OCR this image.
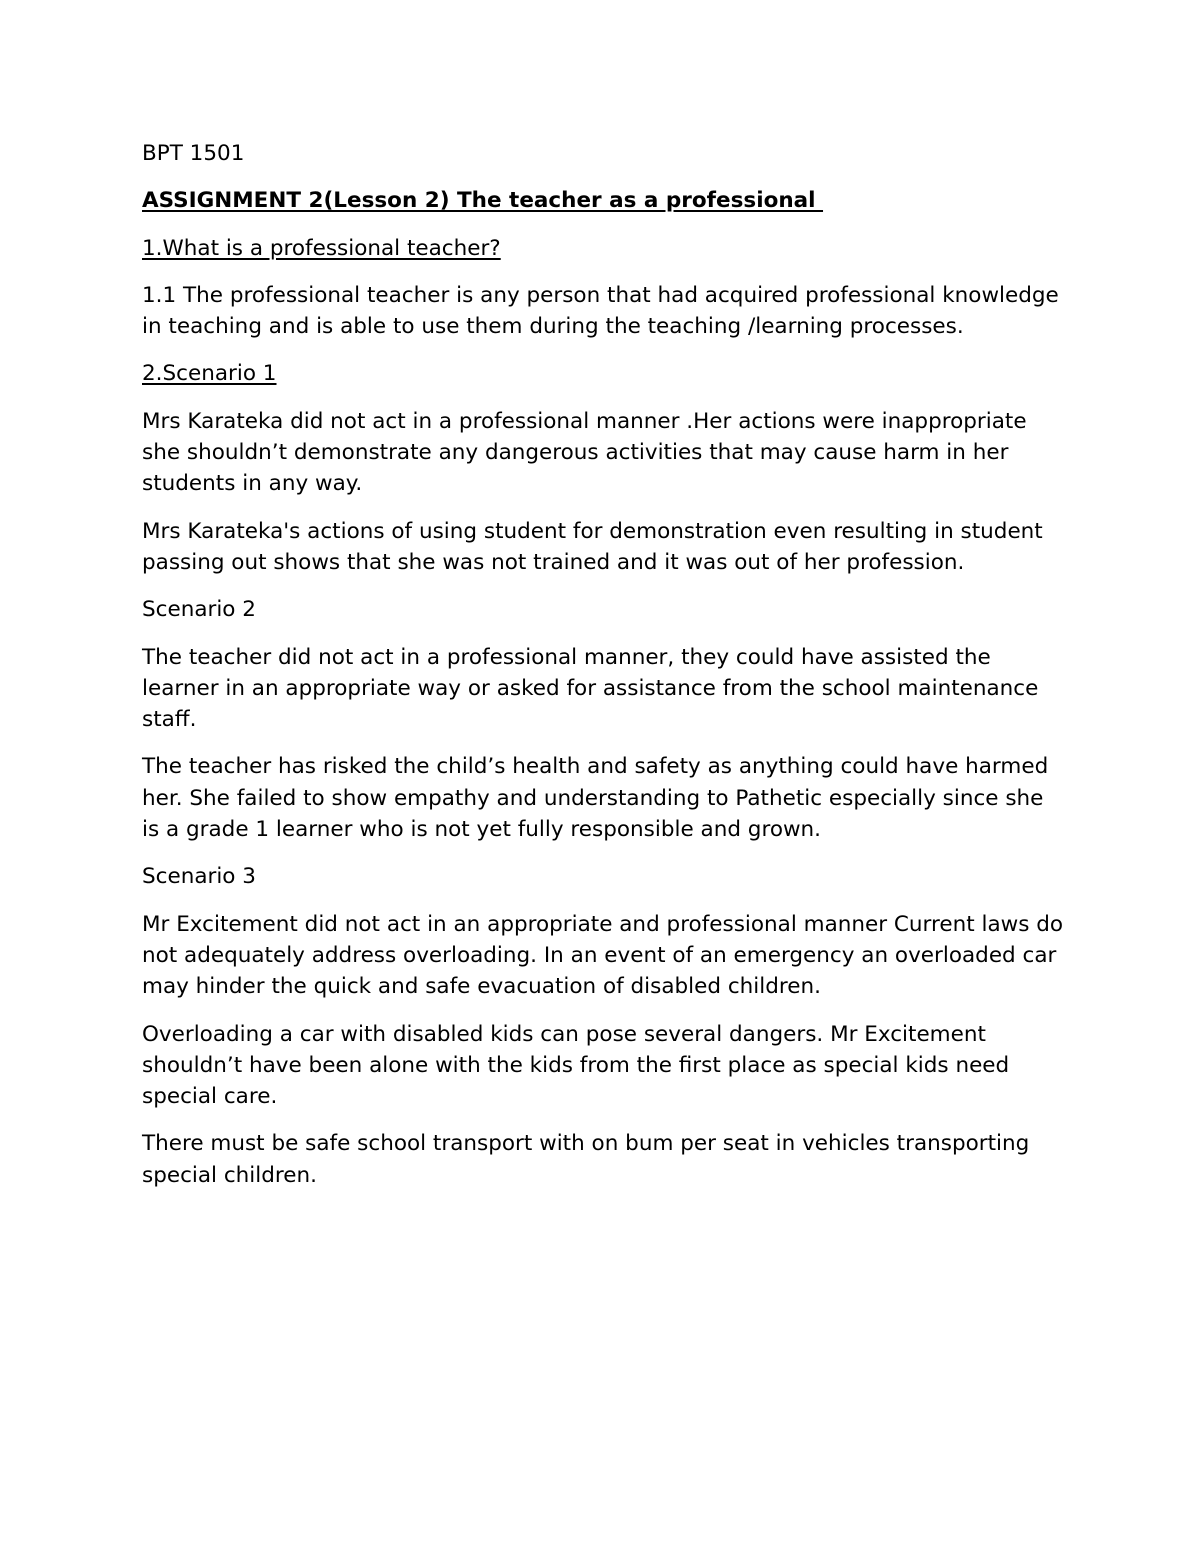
BPT 1501

ASSIGNMENT 2(Lesson 2) The teacher as a professional

1.What is a professional teacher?

1.1 The professional teacher is any person that had acquired professional knowledge in teaching and is able to use them during the teaching /learning processes.

2.Scenario 1

Mrs Karateka did not act in a professional manner .Her actions were inappropriate she shouldn’t demonstrate any dangerous activities that may cause harm in her students in any way.

Mrs Karateka's actions of using student for demonstration even resulting in student passing out shows that she was not trained and it was out of her profession.

Scenario 2

The teacher did not act in a professional manner, they could have assisted the learner in an appropriate way or asked for assistance from the school maintenance staff.

The teacher has risked the child’s health and safety as anything could have harmed her. She failed to show empathy and understanding to Pathetic especially since she is a grade 1 learner who is not yet fully responsible and grown.

Scenario 3

Mr Excitement did not act in an appropriate and professional manner Current laws do not adequately address overloading. In an event of an emergency an overloaded car may hinder the quick and safe evacuation of disabled children.

Overloading a car with disabled kids can pose several dangers. Mr Excitement shouldn’t have been alone with the kids from the first place as special kids need special care.

There must be safe school transport with on bum per seat in vehicles transporting special children.
